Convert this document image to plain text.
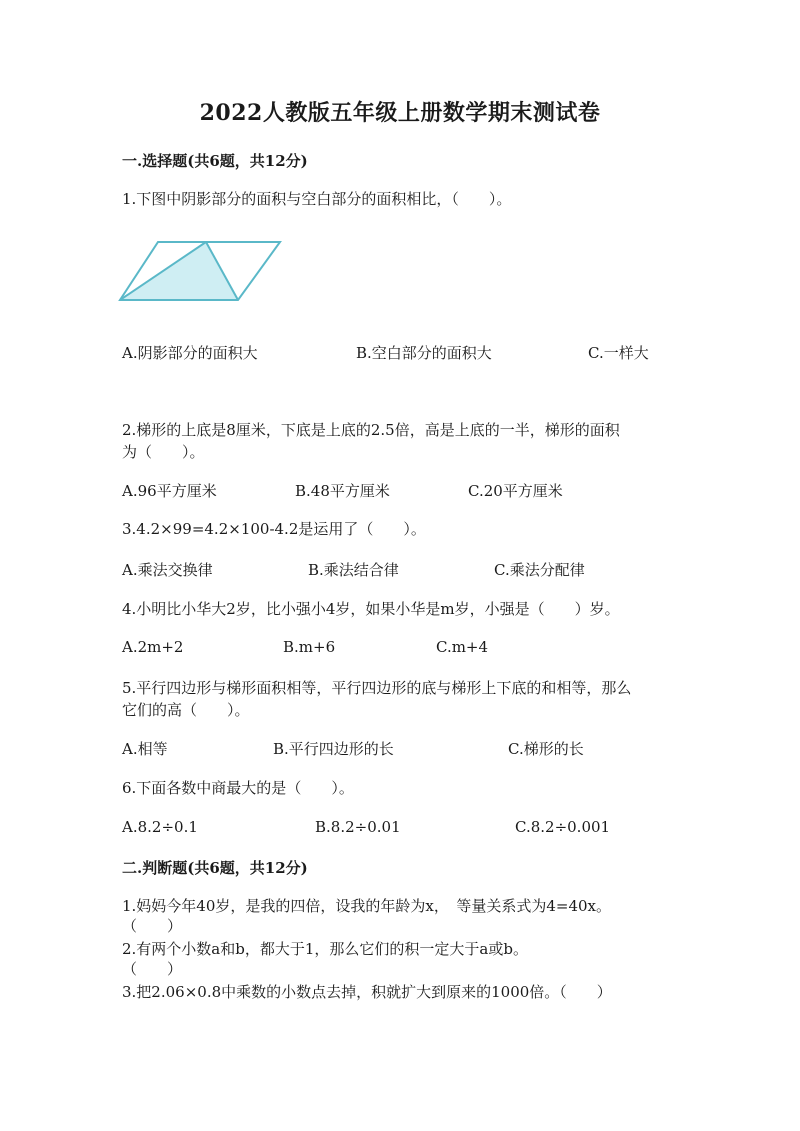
2022人教版五年级上册数学期末测试卷
一.选择题(共6题，共12分)
1.下图中阴影部分的面积与空白部分的面积相比，（　　）。
A.阴影部分的面积大	B.空白部分的面积大	C.一样大
2.梯形的上底是8厘米，下底是上底的2.5倍，高是上底的一半，梯形的面积
为（　　）。
A.96平方厘米	B.48平方厘米	C.20平方厘米
3.4.2×99=4.2×100-4.2是运用了（　　）。
A.乘法交换律	B.乘法结合律	C.乘法分配律
4.小明比小华大2岁，比小强小4岁，如果小华是m岁，小强是（　　）岁。
A.2m+2	B.m+6	C.m+4
5.平行四边形与梯形面积相等，平行四边形的底与梯形上下底的和相等，那么
它们的高（　　）。
A.相等	B.平行四边形的长	C.梯形的长
6.下面各数中商最大的是（　　）。
A.8.2÷0.1	B.8.2÷0.01	C.8.2÷0.001
二.判断题(共6题，共12分)
1.妈妈今年40岁，是我的四倍，设我的年龄为x，　等量关系式为4=40x。
（　　）
2.有两个小数a和b，都大于1，那么它们的积一定大于a或b。
（　　）
3.把2.06×0.8中乘数的小数点去掉，积就扩大到原来的1000倍。（　　）
